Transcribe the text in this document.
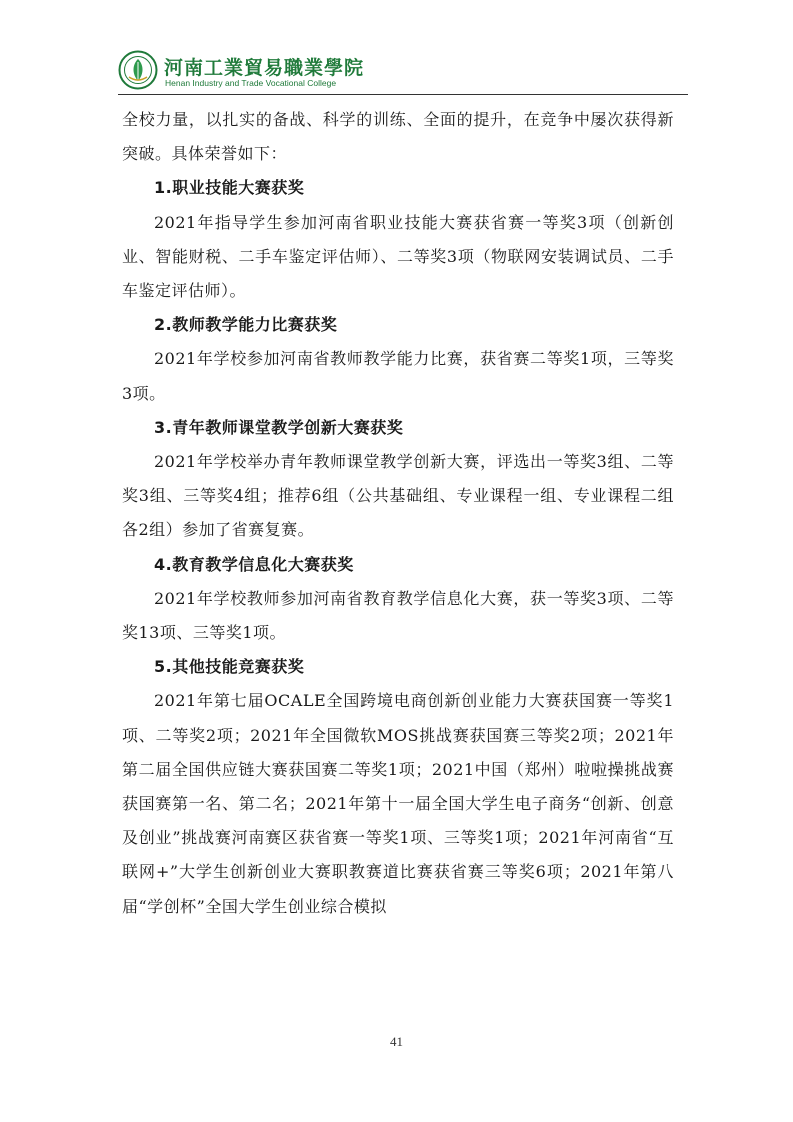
河南工業貿易職業學院
Henan Industry and Trade Vocational College

全校力量，以扎实的备战、科学的训练、全面的提升，在竞争中屡次获得新突破。具体荣誉如下：

1.职业技能大赛获奖

2021年指导学生参加河南省职业技能大赛获省赛一等奖3项（创新创业、智能财税、二手车鉴定评估师）、二等奖3项（物联网安装调试员、二手车鉴定评估师）。

2.教师教学能力比赛获奖

2021年学校参加河南省教师教学能力比赛，获省赛二等奖1项，三等奖3项。

3.青年教师课堂教学创新大赛获奖

2021年学校举办青年教师课堂教学创新大赛，评选出一等奖3组、二等奖3组、三等奖4组；推荐6组（公共基础组、专业课程一组、专业课程二组各2组）参加了省赛复赛。

4.教育教学信息化大赛获奖

2021年学校教师参加河南省教育教学信息化大赛，获一等奖3项、二等奖13项、三等奖1项。

5.其他技能竞赛获奖

2021年第七届OCALE全国跨境电商创新创业能力大赛获国赛一等奖1项、二等奖2项；2021年全国微软MOS挑战赛获国赛三等奖2项；2021年第二届全国供应链大赛获国赛二等奖1项；2021中国（郑州）啦啦操挑战赛获国赛第一名、第二名；2021年第十一届全国大学生电子商务“创新、创意及创业”挑战赛河南赛区获省赛一等奖1项、三等奖1项；2021年河南省“互联网+”大学生创新创业大赛职教赛道比赛获省赛三等奖6项；2021年第八届“学创杯”全国大学生创业综合模拟

41
